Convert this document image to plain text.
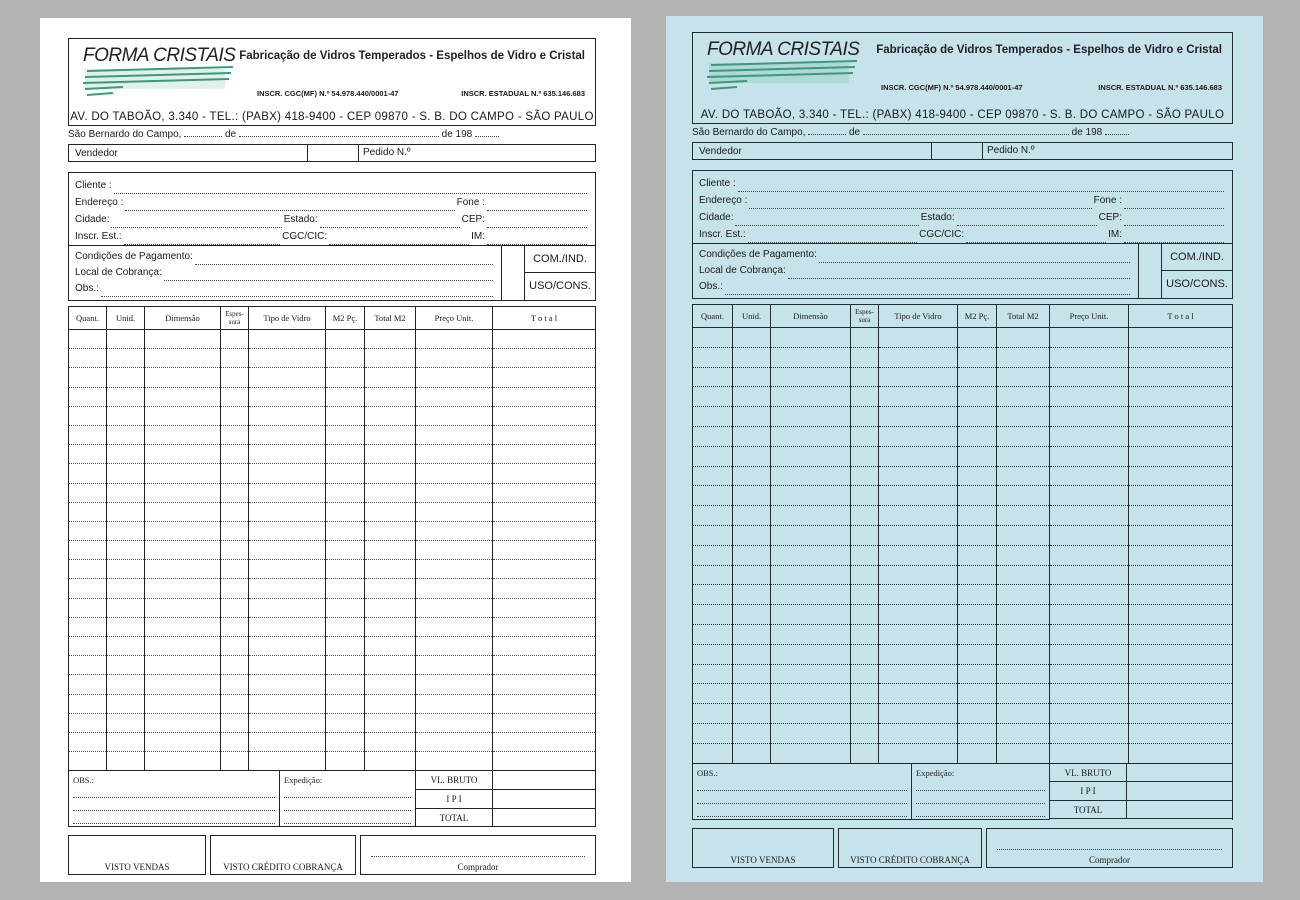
FORMA CRISTAIS Fabricação de Vidros Temperados - Espelhos de Vidro e Cristal
INSCR. CGC(MF) N.º 54.978.440/0001-47	INSCR. ESTADUAL N.º 635.146.683
AV. DO TABOÃO, 3.340 - TEL.: (PABX) 418-9400 - CEP 09870 - S. B. DO CAMPO - SÃO PAULO
São Bernardo do Campo,	de	de 198
Vendedor	Pedido N.º
Cliente :
Endereço :	Fone :
Cidade:	Estado:	CEP:
Inscr. Est.:	CGC/CIC:	IM:
Condições de Pagamento:
Local de Cobrança:
Obs.:
COM./IND.
USO/CONS.
Quant.	Unid.	Dimensão	Espes-sura	Tipo de Vidro	M2 Pç.	Total M2	Preço Unit.	T o t a l

OBS.:	Expedição:	VL. BRUTO
I P I
TOTAL
VISTO VENDAS	VISTO CRÉDITO COBRANÇA	Comprador
FORMA CRISTAIS Fabricação de Vidros Temperados - Espelhos de Vidro e Cristal
INSCR. CGC(MF) N.º 54.978.440/0001-47	INSCR. ESTADUAL N.º 635.146.683
AV. DO TABOÃO, 3.340 - TEL.: (PABX) 418-9400 - CEP 09870 - S. B. DO CAMPO - SÃO PAULO
São Bernardo do Campo,	de	de 198
Vendedor	Pedido N.º
Cliente :
Endereço :	Fone :
Cidade:	Estado:	CEP:
Inscr. Est.:	CGC/CIC:	IM:
Condições de Pagamento:
Local de Cobrança:
Obs.:
COM./IND.
USO/CONS.
Quant.	Unid.	Dimensão	Espes-sura	Tipo de Vidro	M2 Pç.	Total M2	Preço Unit.	T o t a l

OBS.:	Expedição:	VL. BRUTO
I P I
TOTAL
VISTO VENDAS	VISTO CRÉDITO COBRANÇA	Comprador
